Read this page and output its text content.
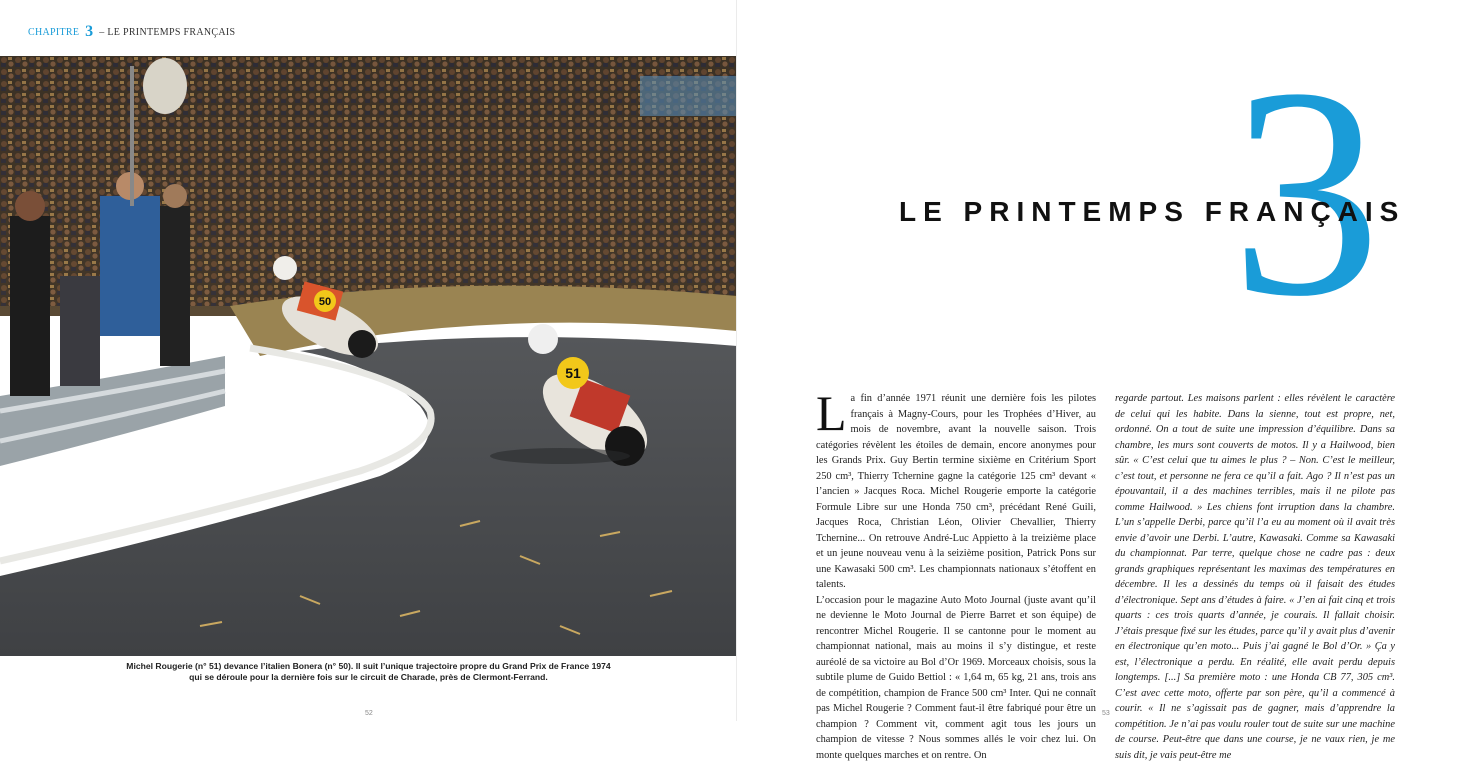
CHAPITRE 3 – LE PRINTEMPS FRANÇAIS
50
51
Michel Rougerie (n° 51) devance l’italien Bonera (n° 50). Il suit l’unique trajectoire propre du Grand Prix de France 1974
qui se déroule pour la dernière fois sur le circuit de Charade, près de Clermont-Ferrand.
52
3
LE PRINTEMPS FRANÇAIS

La fin d’année 1971 réunit une dernière fois les pilotes français à Magny-Cours, pour les Trophées d’Hiver, au mois de novembre, avant la nouvelle saison. Trois catégories révèlent les étoiles de demain, encore anonymes pour les Grands Prix. Guy Bertin termine sixième en Critérium Sport 250 cm³, Thierry Tchernine gagne la catégorie 125 cm³ devant « l’ancien » Jacques Roca. Michel Rougerie emporte la catégorie Formule Libre sur une Honda 750 cm³, précédant René Guili, Jacques Roca, Christian Léon, Olivier Chevallier, Thierry Tchernine... On retrouve André-Luc Appietto à la treizième place et un jeune nouveau venu à la seizième position, Patrick Pons sur une Kawasaki 500 cm³. Les championnats nationaux s’étoffent en talents.

L’occasion pour le magazine Auto Moto Journal (juste avant qu’il ne devienne le Moto Journal de Pierre Barret et son équipe) de rencontrer Michel Rougerie. Il se cantonne pour le moment au championnat national, mais au moins il s’y distingue, et reste auréolé de sa victoire au Bol d’Or 1969. Morceaux choisis, sous la subtile plume de Guido Bettiol : « 1,64 m, 65 kg, 21 ans, trois ans de compétition, champion de France 500 cm³ Inter. Qui ne connaît pas Michel Rougerie ? Comment faut-il être fabriqué pour être un champion ? Comment vit, comment agit tous les jours un champion de vitesse ? Nous sommes allés le voir chez lui. On monte quelques marches et on rentre. On

regarde partout. Les maisons parlent : elles révèlent le caractère de celui qui les habite. Dans la sienne, tout est propre, net, ordonné. On a tout de suite une impression d’équilibre. Dans sa chambre, les murs sont couverts de motos. Il y a Hailwood, bien sûr. « C’est celui que tu aimes le plus ? – Non. C’est le meilleur, c’est tout, et personne ne fera ce qu’il a fait. Ago ? Il n’est pas un épouvantail, il a des machines terribles, mais il ne pilote pas comme Hailwood. » Les chiens font irruption dans la chambre. L’un s’appelle Derbi, parce qu’il l’a eu au moment où il avait très envie d’avoir une Derbi. L’autre, Kawasaki. Comme sa Kawasaki du championnat. Par terre, quelque chose ne cadre pas : deux grands graphiques représentant les maximas des températures en décembre. Il les a dessinés du temps où il faisait des études d’électronique. Sept ans d’études à faire. « J’en ai fait cinq et trois quarts : ces trois quarts d’année, je courais. Il fallait choisir. J’étais presque fixé sur les études, parce qu’il y avait plus d’avenir en électronique qu’en moto... Puis j’ai gagné le Bol d’Or. » Ça y est, l’électronique a perdu. En réalité, elle avait perdu depuis longtemps. [...] Sa première moto : une Honda CB 77, 305 cm³. C’est avec cette moto, offerte par son père, qu’il a commencé à courir. « Il ne s’agissait pas de gagner, mais d’apprendre la compétition. Je n’ai pas voulu rouler tout de suite sur une machine de course. Peut-être que dans une course, je ne vaux rien, je me suis dit, je vais peut-être me

53
